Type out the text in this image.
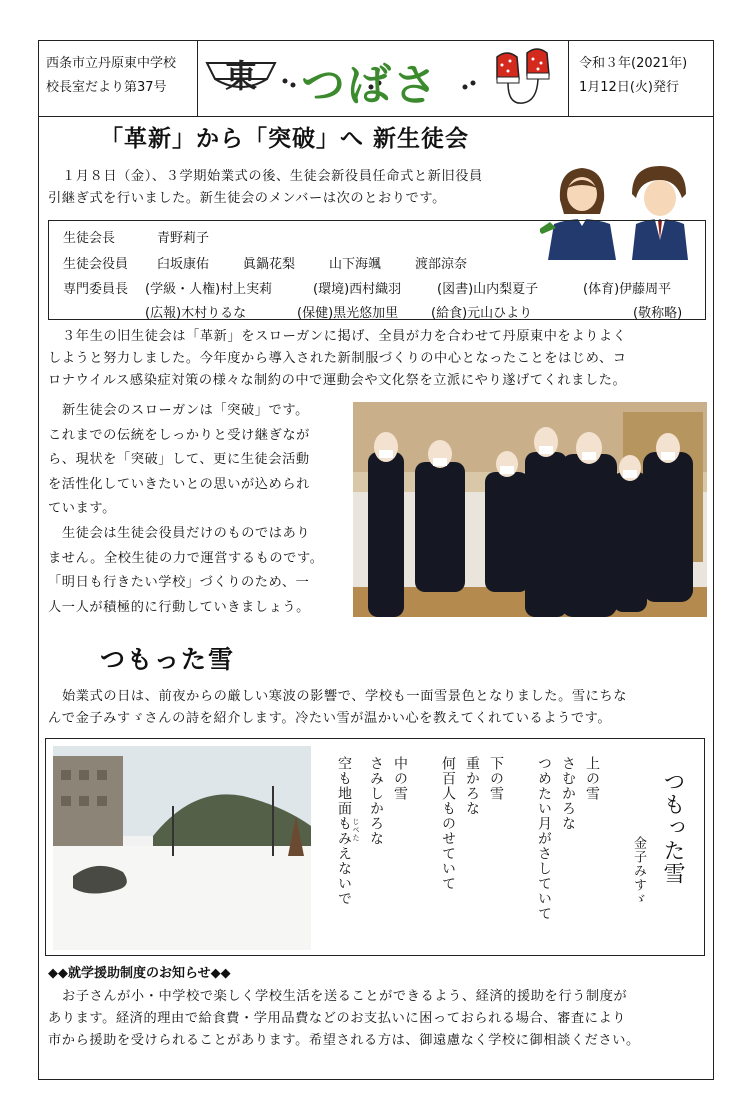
西条市立丹原東中学校
校長室だより第37号	東 つばさ	令和３年(2021年)
1月12日(火)発行
「革新」から「突破」へ 新生徒会
１月８日（金）、３学期始業式の後、生徒会新役員任命式と新旧役員
引継ぎ式を行いました。新生徒会のメンバーは次のとおりです。
生徒会長	青野莉子
生徒会役員 臼坂康佑	眞鍋花梨	山下海颯	渡部涼奈
専門委員長 (学級・人権)村上実莉	(環境)西村織羽	(図書)山内梨夏子	(体育)伊藤周平
(広報)木村りるな	(保健)黒光悠加里	(給食)元山ひより	(敬称略)
３年生の旧生徒会は「革新」をスローガンに掲げ、全員が力を合わせて丹原東中をよりよく
しようと努力しました。今年度から導入された新制服づくりの中心となったことをはじめ、コ
ロナウイルス感染症対策の様々な制約の中で運動会や文化祭を立派にやり遂げてくれました。
新生徒会のスローガンは「突破」です。
これまでの伝統をしっかりと受け継ぎなが
ら、現状を「突破」して、更に生徒会活動
を活性化していきたいとの思いが込められ
ています。
生徒会は生徒会役員だけのものではあり
ません。全校生徒の力で運営するものです。
「明日も行きたい学校」づくりのため、一
人一人が積極的に行動していきましょう。
つもった雪
始業式の日は、前夜からの厳しい寒波の影響で、学校も一面雪景色となりました。雪にちな
んで金子みすゞさんの詩を紹介します。冷たい雪が温かい心を教えてくれているようです。
つもった雪
金子みすゞ
上の雪
さむかろな
つめたい月がさしていて
下の雪
重かろな
何百人ものせていて
中の雪
さみしかろな
じべた
空も地面もみえないで
◆◆就学援助制度のお知らせ◆◆
お子さんが小・中学校で楽しく学校生活を送ることができるよう、経済的援助を行う制度が
あります。経済的理由で給食費・学用品費などのお支払いに困っておられる場合、審査により
市から援助を受けられることがあります。希望される方は、御遠慮なく学校に御相談ください。
